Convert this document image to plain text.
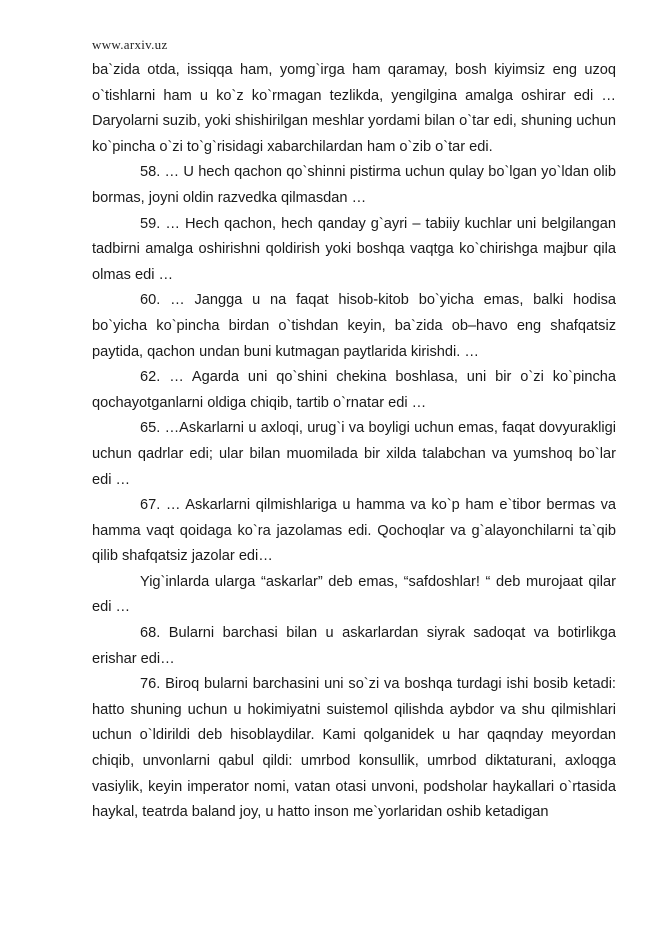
www.arxiv.uz

ba`zida otda, issiqqa ham, yomg`irga ham qaramay, bosh kiyimsiz eng uzoq o`tishlarni ham u ko`z ko`rmagan tezlikda, yengilgina amalga oshirar edi … Daryolarni suzib, yoki shishirilgan meshlar yordami bilan o`tar edi, shuning uchun ko`pincha o`zi to`g`risidagi xabarchilardan ham o`zib o`tar edi.

58. … U hech qachon qo`shinni pistirma uchun qulay bo`lgan yo`ldan olib bormas, joyni oldin razvedka qilmasdan …

59. … Hech qachon, hech qanday g`ayri – tabiiy kuchlar uni belgilangan tadbirni amalga oshirishni qoldirish yoki boshqa vaqtga ko`chirishga majbur qila olmas edi …

60. … Jangga u na faqat hisob-kitob bo`yicha emas, balki hodisa bo`yicha ko`pincha birdan o`tishdan keyin, ba`zida ob–havo eng shafqatsiz paytida, qachon undan buni kutmagan paytlarida kirishdi. …

62. … Agarda uni qo`shini chekina boshlasa, uni bir o`zi ko`pincha qochayotganlarni oldiga chiqib, tartib o`rnatar edi …

65. …Askarlarni u axloqi, urug`i va boyligi uchun emas, faqat dovyurakligi uchun qadrlar edi; ular bilan muomilada bir xilda talabchan va yumshoq bo`lar edi …

67. … Askarlarni qilmishlariga u hamma va ko`p ham e`tibor bermas va hamma vaqt qoidaga ko`ra jazolamas edi. Qochoqlar va g`alayonchilarni ta`qib qilib shafqatsiz jazolar edi…

Yig`inlarda ularga “askarlar” deb emas, “safdoshlar! “ deb murojaat qilar edi …

68. Bularni barchasi bilan u askarlardan siyrak sadoqat va botirlikga erishar edi…

76. Biroq bularni barchasini uni so`zi va boshqa turdagi ishi bosib ketadi: hatto shuning uchun u hokimiyatni suistemol qilishda aybdor va shu qilmishlari uchun o`ldirildi deb hisoblaydilar. Kami qolganidek u har qaqnday meyordan chiqib, unvonlarni qabul qildi: umrbod konsullik, umrbod diktaturani, axloqga vasiylik, keyin imperator nomi, vatan otasi unvoni, podsholar haykallari o`rtasida haykal, teatrda baland joy, u hatto inson me`yorlaridan oshib ketadigan
